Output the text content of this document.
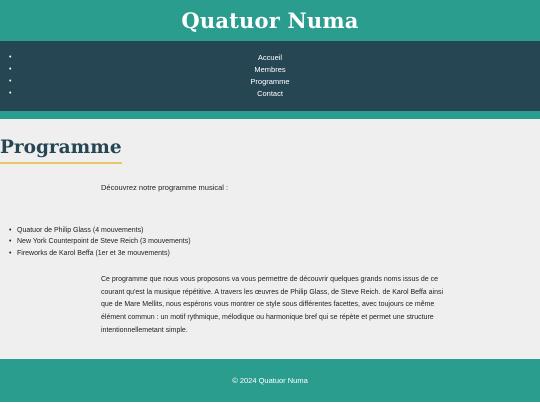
Quatuor Numa
•	Accueil
•	Membres
•	Programme
•	Contact
Programme

Découvrez notre programme musical :

• Quatuor de Philip Glass (4 mouvements)
• New York Counterpoint de Steve Reich (3 mouvements)
• Fireworks de Karol Beffa (1er et 3e mouvements)

Ce programme que nous vous proposons va vous permettre de découvrir quelques grands noms issus de ce courant qu'est la musique répétitive. A travers les œuvres de Philip Glass, de Steve Reich. de Karol Beffa ainsi que de Mare Mellits, nous espérons vous montrer ce style sous différentes facettes, avec toujours ce même élément commun : un motif rythmique, mélodique ou harmonique bref qui se répète et permet une structure intentionnellemetant simple.

© 2024 Quatuor Numa
